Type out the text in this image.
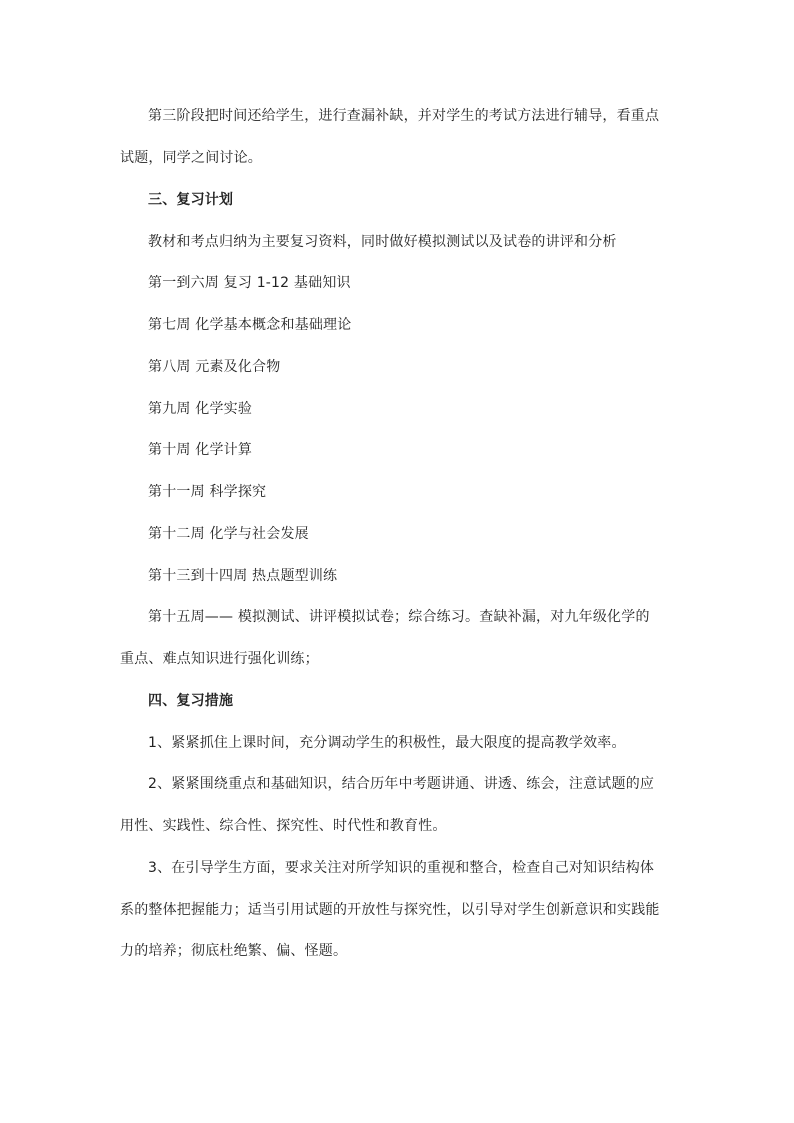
第三阶段把时间还给学生，进行查漏补缺，并对学生的考试方法进行辅导，看重点
试题，同学之间讨论。
三、复习计划
教材和考点归纳为主要复习资料，同时做好模拟测试以及试卷的讲评和分析
第一到六周 复习 1-12 基础知识
第七周 化学基本概念和基础理论
第八周 元素及化合物
第九周 化学实验
第十周 化学计算
第十一周 科学探究
第十二周 化学与社会发展
第十三到十四周 热点题型训练
第十五周—— 模拟测试、讲评模拟试卷；综合练习。查缺补漏，对九年级化学的
重点、难点知识进行强化训练；
四、复习措施
1、紧紧抓住上课时间，充分调动学生的积极性，最大限度的提高教学效率。
2、紧紧围绕重点和基础知识，结合历年中考题讲通、讲透、练会，注意试题的应
用性、实践性、综合性、探究性、时代性和教育性。
3、在引导学生方面，要求关注对所学知识的重视和整合，检查自己对知识结构体
系的整体把握能力；适当引用试题的开放性与探究性，以引导对学生创新意识和实践能
力的培养；彻底杜绝繁、偏、怪题。
